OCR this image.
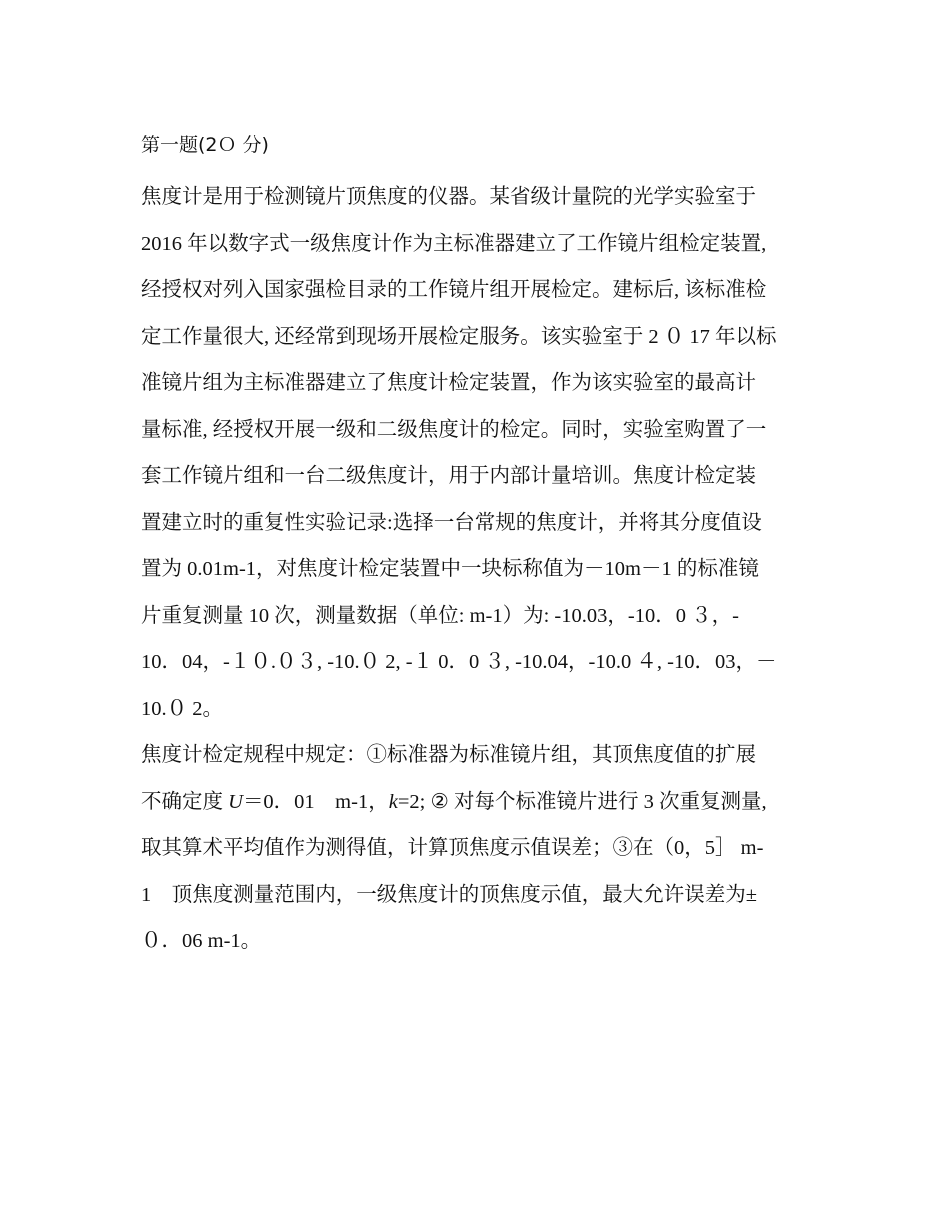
第一题(2Ｏ 分)
焦度计是用于检测镜片顶焦度的仪器。某省级计量院的光学实验室于
2016 年以数字式一级焦度计作为主标准器建立了工作镜片组检定装置,
经授权对列入国家强检目录的工作镜片组开展检定。建标后, 该标准检
定工作量很大, 还经常到现场开展检定服务。该实验室于 2 ０ 17 年以标
准镜片组为主标准器建立了焦度计检定装置，作为该实验室的最高计
量标准, 经授权开展一级和二级焦度计的检定。同时，实验室购置了一
套工作镜片组和一台二级焦度计，用于内部计量培训。焦度计检定装
置建立时的重复性实验记录:选择一台常规的焦度计，并将其分度值设
置为 0.01m-1，对焦度计检定装置中一块标称值为－10m－1 的标准镜
片重复测量 10 次，测量数据（单位: m-1）为: -10.03，-10．0 ３，-
10．04，-１０.０３, -10.０ 2, -１ 0．0 ３, -10.04，-10.0 ４, -10．03，－
10.０ 2。
焦度计检定规程中规定：①标准器为标准镜片组，其顶焦度值的扩展
不确定度 U＝0．01　m-1，k=2; ② 对每个标准镜片进行 3 次重复测量,
取其算术平均值作为测得值，计算顶焦度示值误差；③在（0，5］ m-
1　顶焦度测量范围内，一级焦度计的顶焦度示值，最大允许误差为±
０．06 m-1。
